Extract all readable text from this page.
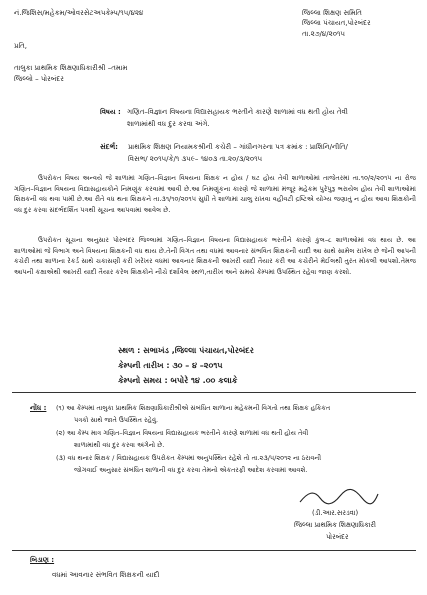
નં.જિશિસ/મહેકમ/ઓવરસેટઅપકેમ્પ/૧૫/૪૨૪	જિલ્લા શિક્ષણ સમિતિ
જિલ્લા પંચાયત,પોરબંદર
તા.૨૭/૪/૨૦૧૫
પ્રતિ,
તાલુકા પ્રાથમિક શિક્ષણાધિકારીશ્રી –તમામ
જિલ્લો – પોરબંદર
વિષય : ગણિત–વિજ્ઞાન વિષયના વિદ્યાસહાયક ભરતીને કારણે શાળામાં વધ થતી હોય તેવી
શાળામાંથી વધ દુર કરવા અંગે.
સંદર્ભ: પ્રાથમિક શિક્ષણ નિયામકશ્રીની કચેરી – ગાંધીનગરના પત્ર ક્રમાંક : પ્રાશિનિ/નીતિ/
વિસભ/ ૨૦૧૫/કે/૧ ૩૫૯– ૧૪૦૩ તા.૨૦/૩/૨૦૧૫
ઉપરોકત વિષય અન્વયે જે શાળામાં ગણિત–વિજ્ઞાન વિષયના શિક્ષક ન હોય / ઘટ હોય તેવી શાળાઓમાં તાજેતરમાં તા.૧૦/૨/૨૦૧૫ ના રોજ ગણિત–વિજ્ઞાન વિષયના વિદ્યાસહાયકોને નિમણૂંક કરવામાં આવી છે.આ નિમણૂંકના કારણે જે શાળામાં મંજૂર મહેકમ પુરેપુરૂ ભરાયેલ હોય તેવી શાળાઓમાં શિક્ષકની વધ થવા પામી છે.આ રીતે વધ થતા શિક્ષકને તા.૩૧/૧૦/૨૦૧૫ સુધી તે શાળામાં ચાલુ રાખવા વહીવટી દ્રષ્ટિએ યોગ્ય જણાતું ન હોય આવા શિક્ષકોની વધ દુર કરવા સંદર્ભદર્શિત પત્રથી સૂચના આપવામાં આવેલ છે.
ઉપરોકત સૂચના અનુસાર પોરબંદર જિલ્લામાં ગણિત–વિજ્ઞાન વિષયના વિદ્યાસહાયક ભરતીને કારણે કુલ–૮ શાળાઓમાં વધ થાય છે. આ શાળાઓમાં જે વિભાગ અને વિષયના શિક્ષકની વધ થાય છે.તેની વિગત તથા વધમાં આવનાર સંભવિત શિક્ષકની યાદી આ સાથે સામેલ રાખેલ છે જેની આપની કચેરી તથા શાળાના રેકર્ડ સાથે ચકાસણી કરી ખરેખર વધમાં આવનાર શિક્ષકની આખરી યાદી તૈયાર કરી આ કચેરીને મેઈલથી તુરંત મોકલી આપશો.તેમજ આપની કક્ષાએથી આખરી યાદી તૈયાર કરેલ શિક્ષકોને નીચે દર્શાવેલ સ્થળ,તારીખ અને સમયે કેમ્પમાં ઉપસ્થિત રહેવા જાણ કરશો.
સ્થળ : સભાખંડ ,જિલ્લા પંચાયત,પોરબંદર
કેમ્પની તારીખ : ૩૦ – ૪ –૨૦૧૫
કેમ્પનો સમય : બપોરે ૧૪ .૦૦ કલાકે
નોંધ : (૧) આ કેમ્પમાં તાલુકા પ્રાથમિક શિક્ષણાધિકારીશ્રીએ સંબંધિત શાળાના મહેકમની વિગતો તથા શિક્ષક હકિકત
પત્રકો સાથે જાતે ઉપસ્થિત રહેવું.
(૨) આ કેમ્પ માત્ર ગણિત–વિજ્ઞાન વિષયના વિદ્યાસહાયક ભરતીને કારણે શાળામાં વધ થતી હોય તેવી
શાળામાંથી વધ દુર કરવા અંગેનો છે.
(૩) વધ થનાર શિક્ષક / વિદ્યાસહાયક ઉપરોકત કેમ્પમાં અનુપસ્થિત રહેશે તો તા.૨૩/૫/૨૦૧૨ ના ઠરાવની
જોગવાઈ અનુસાર સંબંધિત શાળાની વધ દુર કરવા તેમનો એકતરફી આદેશ કરવામાં આવશે.
(ડી.આર.સરડવા)
જિલ્લા પ્રાથમિક શિક્ષણાધિકારી
પોરબંદર
બિડાણ :
વધમાં આવનાર સંભવિત શિક્ષકની યાદી
